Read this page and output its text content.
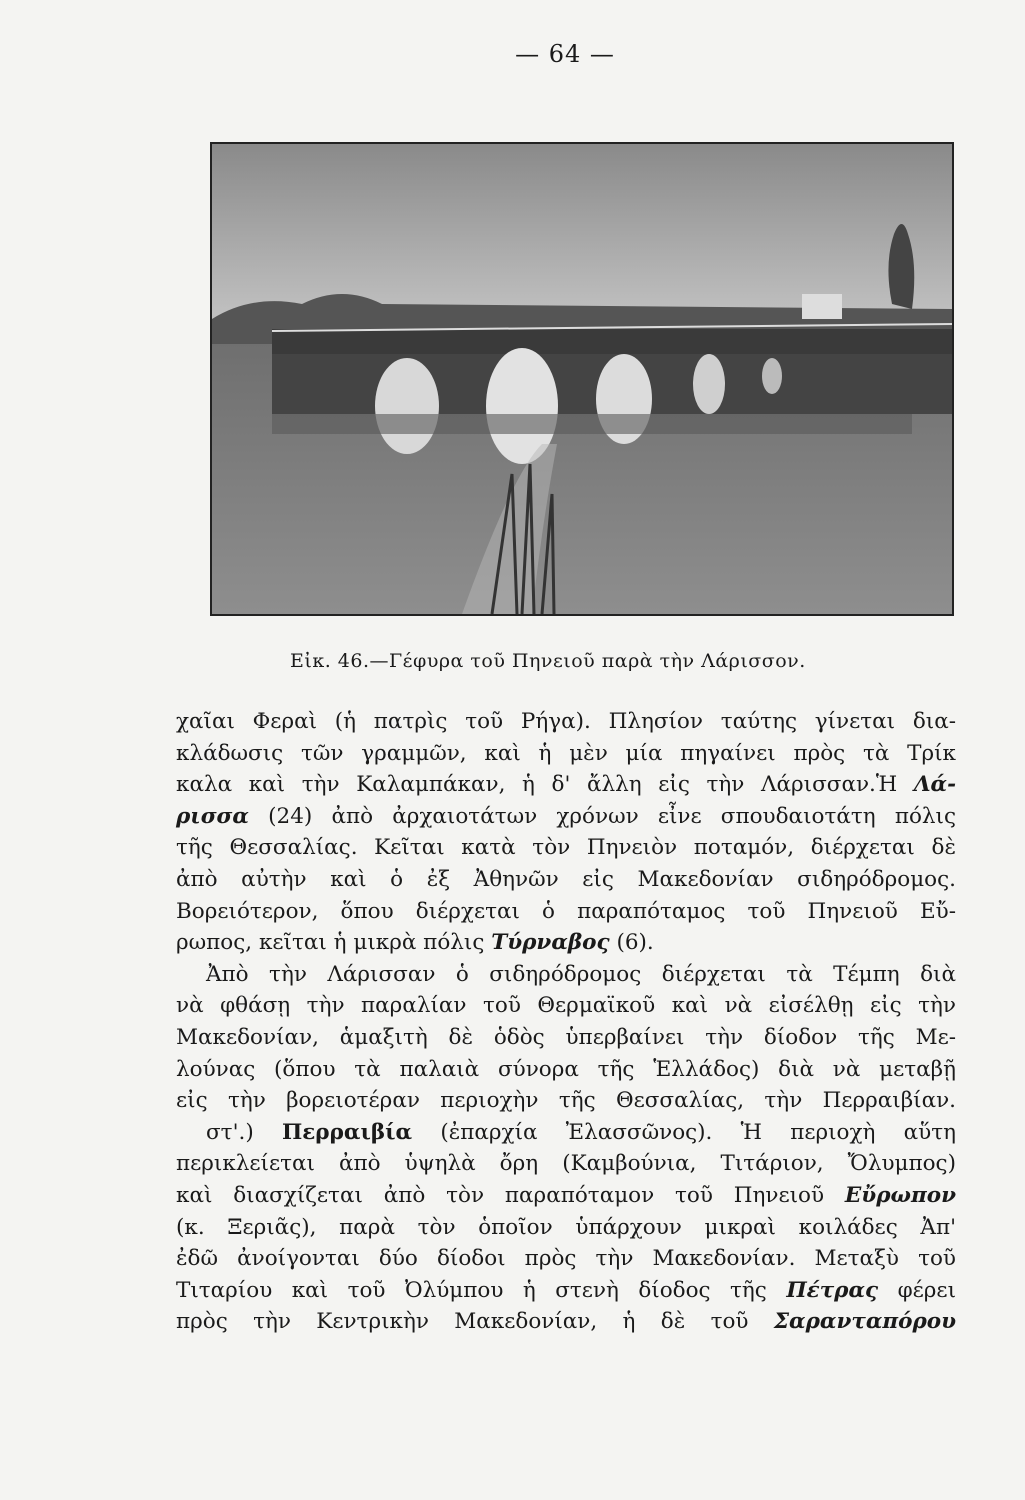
— 64 —
Εἰκ. 46.—Γέφυρα τοῦ Πηνειοῦ παρὰ τὴν Λάρισσον.
χαῖαι Φεραὶ (ἡ πατρὶς τοῦ Ρήγα). Πλησίον ταύτης γίνεται δια-
κλάδωσις τῶν γραμμῶν, καὶ ἡ μὲν μία πηγαίνει πρὸς τὰ Τρίκ
καλα καὶ τὴν Καλαμπάκαν, ἡ δ' ἄλλη εἰς τὴν Λάρισσαν.Ἡ Λά-
ρισσα (24) ἀπὸ ἀρχαιοτάτων χρόνων εἶνε σπουδαιοτάτη πόλις
τῆς Θεσσαλίας. Κεῖται κατὰ τὸν Πηνειὸν ποταμόν, διέρχεται δὲ
ἀπὸ αὐτὴν καὶ ὁ ἐξ Ἀθηνῶν εἰς Μακεδονίαν σιδηρόδρομος.
Βορειότερον, ὅπου διέρχεται ὁ παραπόταμος τοῦ Πηνειοῦ Εὔ-
ρωπος, κεῖται ἡ μικρὰ πόλις Τύρναβος (6).
Ἀπὸ τὴν Λάρισσαν ὁ σιδηρόδρομος διέρχεται τὰ Τέμπη διὰ
νὰ φθάσῃ τὴν παραλίαν τοῦ Θερμαϊκοῦ καὶ νὰ εἰσέλθῃ εἰς τὴν
Μακεδονίαν, ἁμαξιτὴ δὲ ὁδὸς ὑπερβαίνει τὴν δίοδον τῆς Με-
λούνας (ὅπου τὰ παλαιὰ σύνορα τῆς Ἑλλάδος) διὰ νὰ μεταβῇ
εἰς τὴν βορειοτέραν περιοχὴν τῆς Θεσσαλίας, τὴν Περραιβίαν.
στ'.) Περραιβία (ἐπαρχία Ἐλασσῶνος). Ἡ περιοχὴ αὕτη
περικλείεται ἀπὸ ὑψηλὰ ὄρη (Καμβούνια, Τιτάριον, Ὄλυμπος)
καὶ διασχίζεται ἀπὸ τὸν παραπόταμον τοῦ Πηνειοῦ Εὔρωπον
(κ. Ξεριᾶς), παρὰ τὸν ὁποῖον ὑπάρχουν μικραὶ κοιλάδες Ἀπ'
ἐδῶ ἀνοίγονται δύο δίοδοι πρὸς τὴν Μακεδονίαν. Μεταξὺ τοῦ
Τιταρίου καὶ τοῦ Ὀλύμπου ἡ στενὴ δίοδος τῆς Πέτρας φέρει
πρὸς τὴν Κεντρικὴν Μακεδονίαν, ἡ δὲ τοῦ Σαρανταπόρου
